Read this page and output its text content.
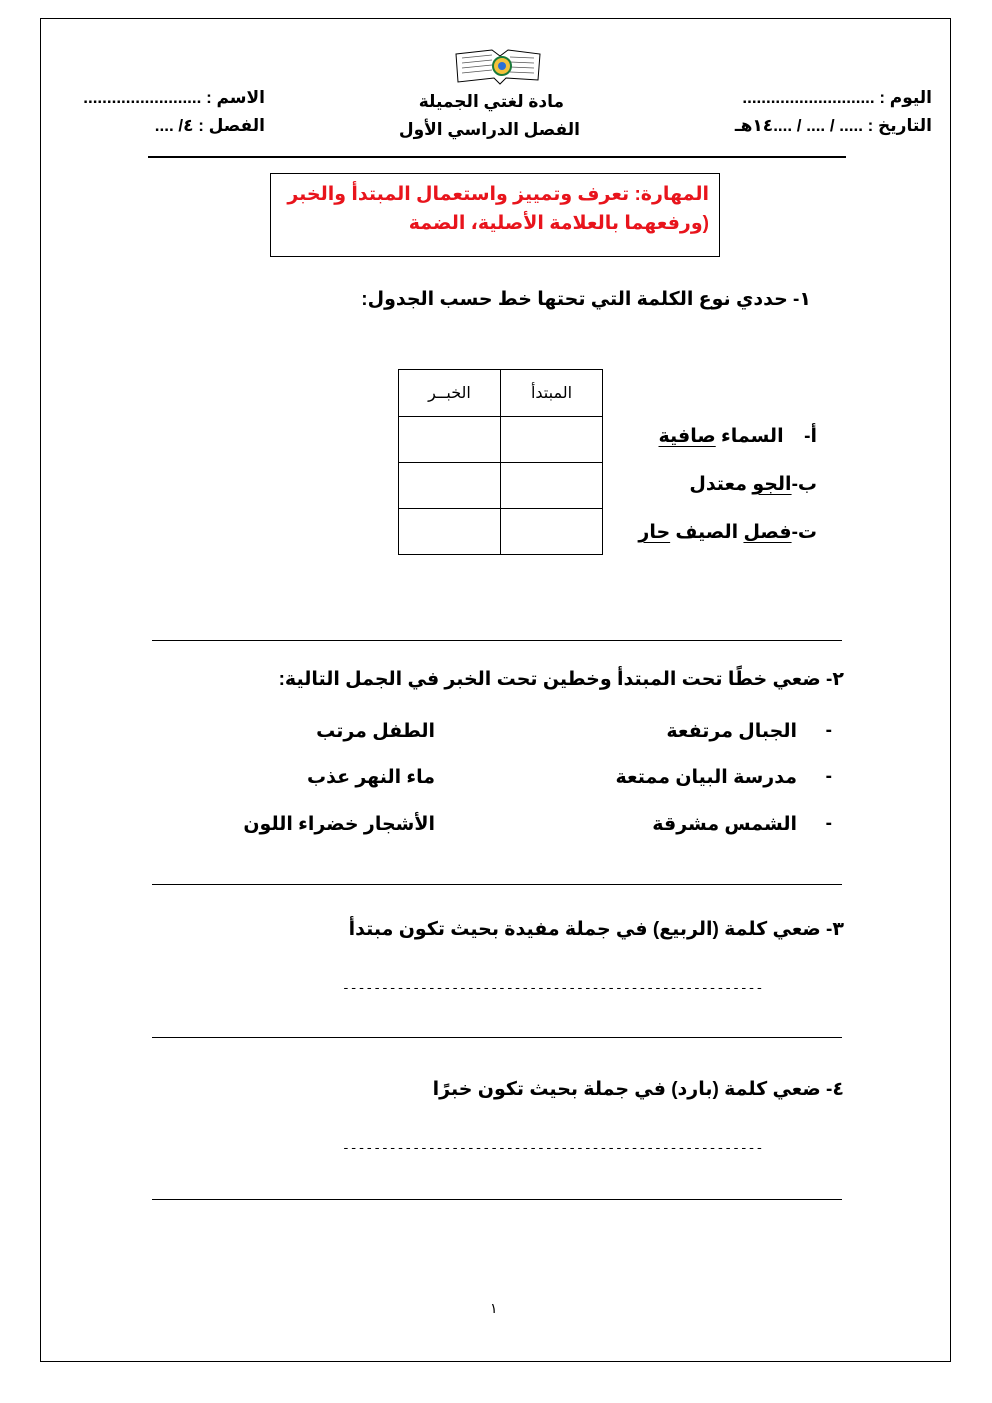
اليوم : ............................
التاريخ : ..... / .... / ....١٤هـ
مادة لغتي الجميلة
الفصل الدراسي الأول
الاسم : .........................
الفصل : ٤/ ....
المهارة: تعرف وتمييز واستعمال المبتدأ والخبر
(ورفعهما بالعلامة الأصلية، الضمة
١- حددي نوع الكلمة التي تحتها خط حسب الجدول:
المبتدأ	الخبــر

أ-  السماء صافية
ب-الجو معتدل
ت-فصل الصيف حار
٢- ضعي خطًا تحت المبتدأ وخطين تحت الخبر في الجمل التالية:
-
الجبال مرتفعة
الطفل مرتب
-
مدرسة البيان ممتعة
ماء النهر عذب
-
الشمس مشرقة
الأشجار خضراء اللون
٣- ضعي كلمة (الربيع) في جملة مفيدة بحيث تكون مبتدأ
------------------------------------------------------
٤- ضعي كلمة (بارد) في جملة بحيث تكون خبرًا
------------------------------------------------------
١
